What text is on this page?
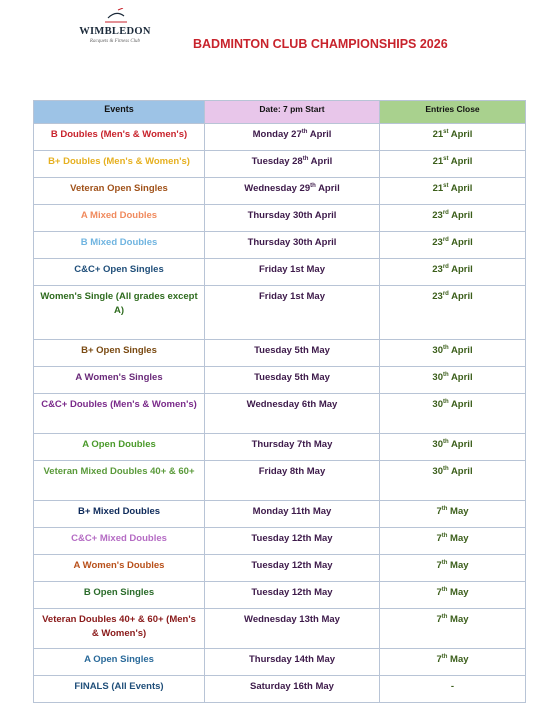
WIMBLEDON
Racquets & Fitness Club	BADMINTON CLUB CHAMPIONSHIPS 2026
Events	Date: 7 pm Start	Entries Close
B Doubles (Men's & Women's)	Monday 27th April	21st April
B+ Doubles (Men's & Women's)	Tuesday 28th April	21st April
Veteran Open Singles	Wednesday 29th April	21st April
A Mixed Doubles	Thursday 30th April	23rd April
B Mixed Doubles	Thursday 30th April	23rd April
C&C+ Open Singles	Friday 1st May	23rd April
Women's Single (All grades except A)	Friday 1st May	23rd April
B+ Open Singles	Tuesday 5th May	30th April
A Women's Singles	Tuesday 5th May	30th April
C&C+ Doubles (Men's & Women's)	Wednesday 6th May	30th April
A Open Doubles	Thursday 7th May	30th April
Veteran Mixed Doubles 40+ & 60+	Friday 8th May	30th April
B+ Mixed Doubles	Monday 11th May	7th May
C&C+ Mixed Doubles	Tuesday 12th May	7th May
A Women's Doubles	Tuesday 12th May	7th May
B Open Singles	Tuesday 12th May	7th May
Veteran Doubles 40+ & 60+ (Men's & Women's)	Wednesday 13th May	7th May
A Open Singles	Thursday 14th May	7th May
FINALS (All Events)	Saturday 16th May	-
